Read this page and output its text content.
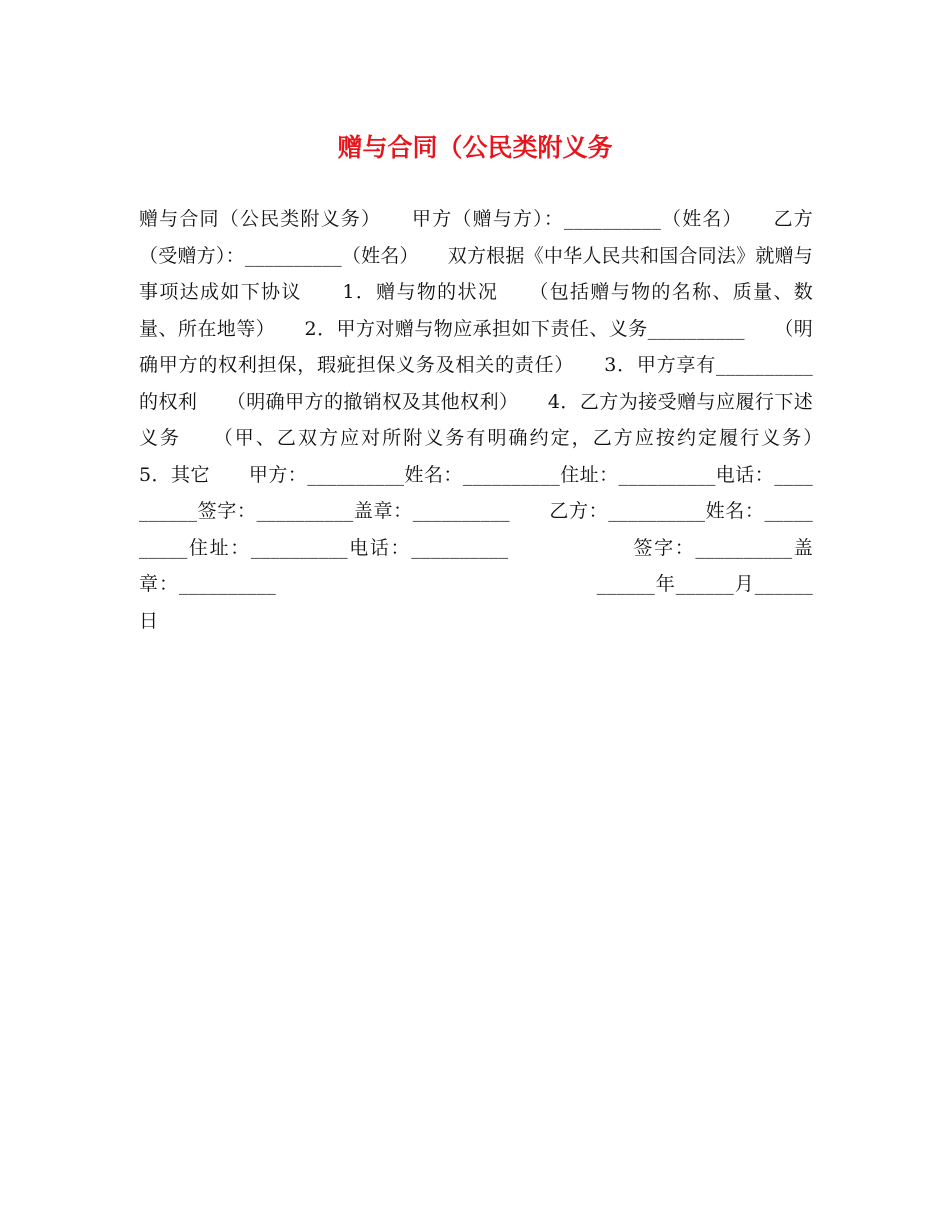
赠与合同（公民类附义务

赠与合同（公民类附义务）　　甲方（赠与方）：__________（姓名）　　乙方（受赠方）：__________（姓名）　　双方根据《中华人民共和国合同法》就赠与事项达成如下协议　　1．赠与物的状况　　（包括赠与物的名称、质量、数量、所在地等）　　2．甲方对赠与物应承担如下责任、义务__________　　（明确甲方的权利担保，瑕疵担保义务及相关的责任）　　3．甲方享有__________的权利　　（明确甲方的撤销权及其他权利）　　4．乙方为接受赠与应履行下述义务　　（甲、乙双方应对所附义务有明确约定，乙方应按约定履行义务）　　5．其它　　甲方：__________姓名：__________住址：__________电话：__________签字：__________盖章：__________　　乙方：__________姓名：__________住址：__________电话：__________　　　　　　签字：__________盖章：__________　　　　　　　　　　　　　　　　______年______月______日
